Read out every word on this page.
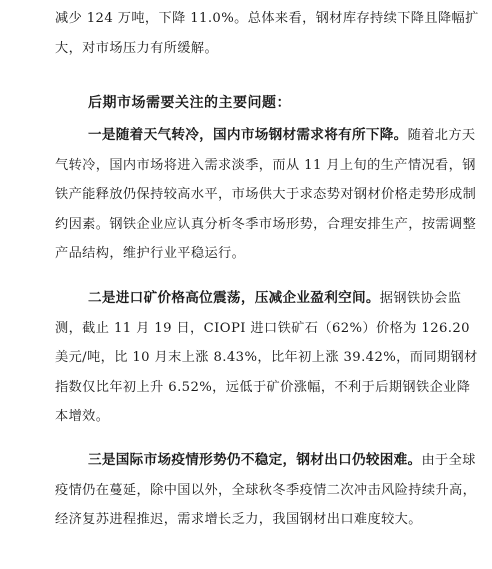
减少 124 万吨，下降 11.0%。总体来看，钢材库存持续下降且降幅扩大，对市场压力有所缓解。

后期市场需要关注的主要问题：

一是随着天气转冷，国内市场钢材需求将有所下降。随着北方天气转冷，国内市场将进入需求淡季，而从 11 月上旬的生产情况看，钢铁产能释放仍保持较高水平，市场供大于求态势对钢材价格走势形成制约因素。钢铁企业应认真分析冬季市场形势，合理安排生产，按需调整产品结构，维护行业平稳运行。

二是进口矿价格高位震荡，压减企业盈利空间。据钢铁协会监测，截止 11 月 19 日，CIOPI 进口铁矿石（62%）价格为 126.20 美元/吨，比 10 月末上涨 8.43%，比年初上涨 39.42%，而同期钢材指数仅比年初上升 6.52%，远低于矿价涨幅，不利于后期钢铁企业降本增效。

三是国际市场疫情形势仍不稳定，钢材出口仍较困难。由于全球疫情仍在蔓延，除中国以外，全球秋冬季疫情二次冲击风险持续升高，经济复苏进程推迟，需求增长乏力，我国钢材出口难度较大。
